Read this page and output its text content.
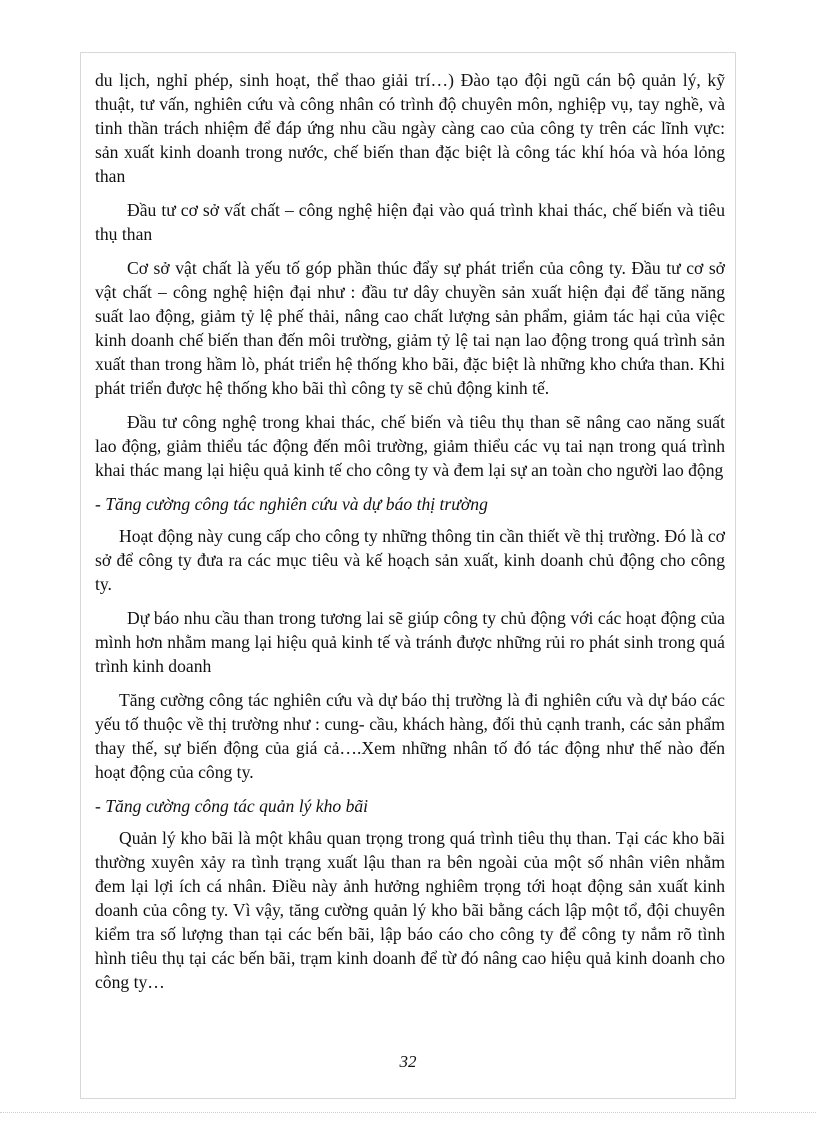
du lịch, nghỉ phép, sinh hoạt, thể thao giải trí…) Đào tạo đội ngũ cán bộ quản lý, kỹ thuật, tư vấn, nghiên cứu và công nhân có trình độ chuyên môn, nghiệp vụ, tay nghề, và tinh thần trách nhiệm để đáp ứng nhu cầu ngày càng cao của công ty trên các lĩnh vực: sản xuất kinh doanh trong nước, chế biến than đặc biệt là công tác khí hóa và hóa lỏng than

Đầu tư cơ sở vất chất – công nghệ hiện đại vào quá trình khai thác, chế biến và tiêu thụ than

Cơ sở vật chất là yếu tố góp phần thúc đẩy sự phát triển của công ty. Đầu tư cơ sở vật chất – công nghệ hiện đại như : đầu tư dây chuyền sản xuất hiện đại để tăng năng suất lao động, giảm tỷ lệ phế thải, nâng cao chất lượng sản phẩm, giảm tác hại của việc kinh doanh chế biến than đến môi trường, giảm tỷ lệ tai nạn lao động trong quá trình sản xuất than trong hầm lò, phát triển hệ thống kho bãi, đặc biệt là những kho chứa than. Khi phát triển được hệ thống kho bãi thì công ty sẽ chủ động kinh tế.

Đầu tư công nghệ trong khai thác, chế biến và tiêu thụ than sẽ nâng cao năng suất lao động, giảm thiểu tác động đến môi trường, giảm thiểu các vụ tai nạn trong quá trình khai thác mang lại hiệu quả kinh tế cho công ty và đem lại sự an toàn cho người lao động

- Tăng cường công tác nghiên cứu và dự báo thị trường

Hoạt động này cung cấp cho công ty những thông tin cần thiết về thị trường. Đó là cơ sở để công ty đưa ra các mục tiêu và kế hoạch sản xuất, kinh doanh chủ động cho công ty.

Dự báo nhu cầu than trong tương lai sẽ giúp công ty chủ động với các hoạt động của mình hơn nhằm mang lại hiệu quả kinh tế và tránh được những rủi ro phát sinh trong quá trình kinh doanh

Tăng cường công tác nghiên cứu và dự báo thị trường là đi nghiên cứu và dự báo các yếu tố thuộc về thị trường như : cung- cầu, khách hàng, đối thủ cạnh tranh, các sản phẩm thay thế, sự biến động của giá cả….Xem những nhân tố đó tác động như thế nào đến hoạt động của công ty.

- Tăng cường công tác quản lý kho bãi

Quản lý kho bãi là một khâu quan trọng trong quá trình tiêu thụ than. Tại các kho bãi thường xuyên xảy ra tình trạng xuất lậu than ra bên ngoài của một số nhân viên nhằm đem lại lợi ích cá nhân. Điều này ảnh hưởng nghiêm trọng tới hoạt động sản xuất kinh doanh của công ty. Vì vậy, tăng cường quản lý kho bãi bằng cách lập một tổ, đội chuyên kiểm tra số lượng than tại các bến bãi, lập báo cáo cho công ty để công ty nắm rõ tình hình tiêu thụ tại các bến bãi, trạm kinh doanh để từ đó nâng cao hiệu quả kinh doanh cho công ty…

32
